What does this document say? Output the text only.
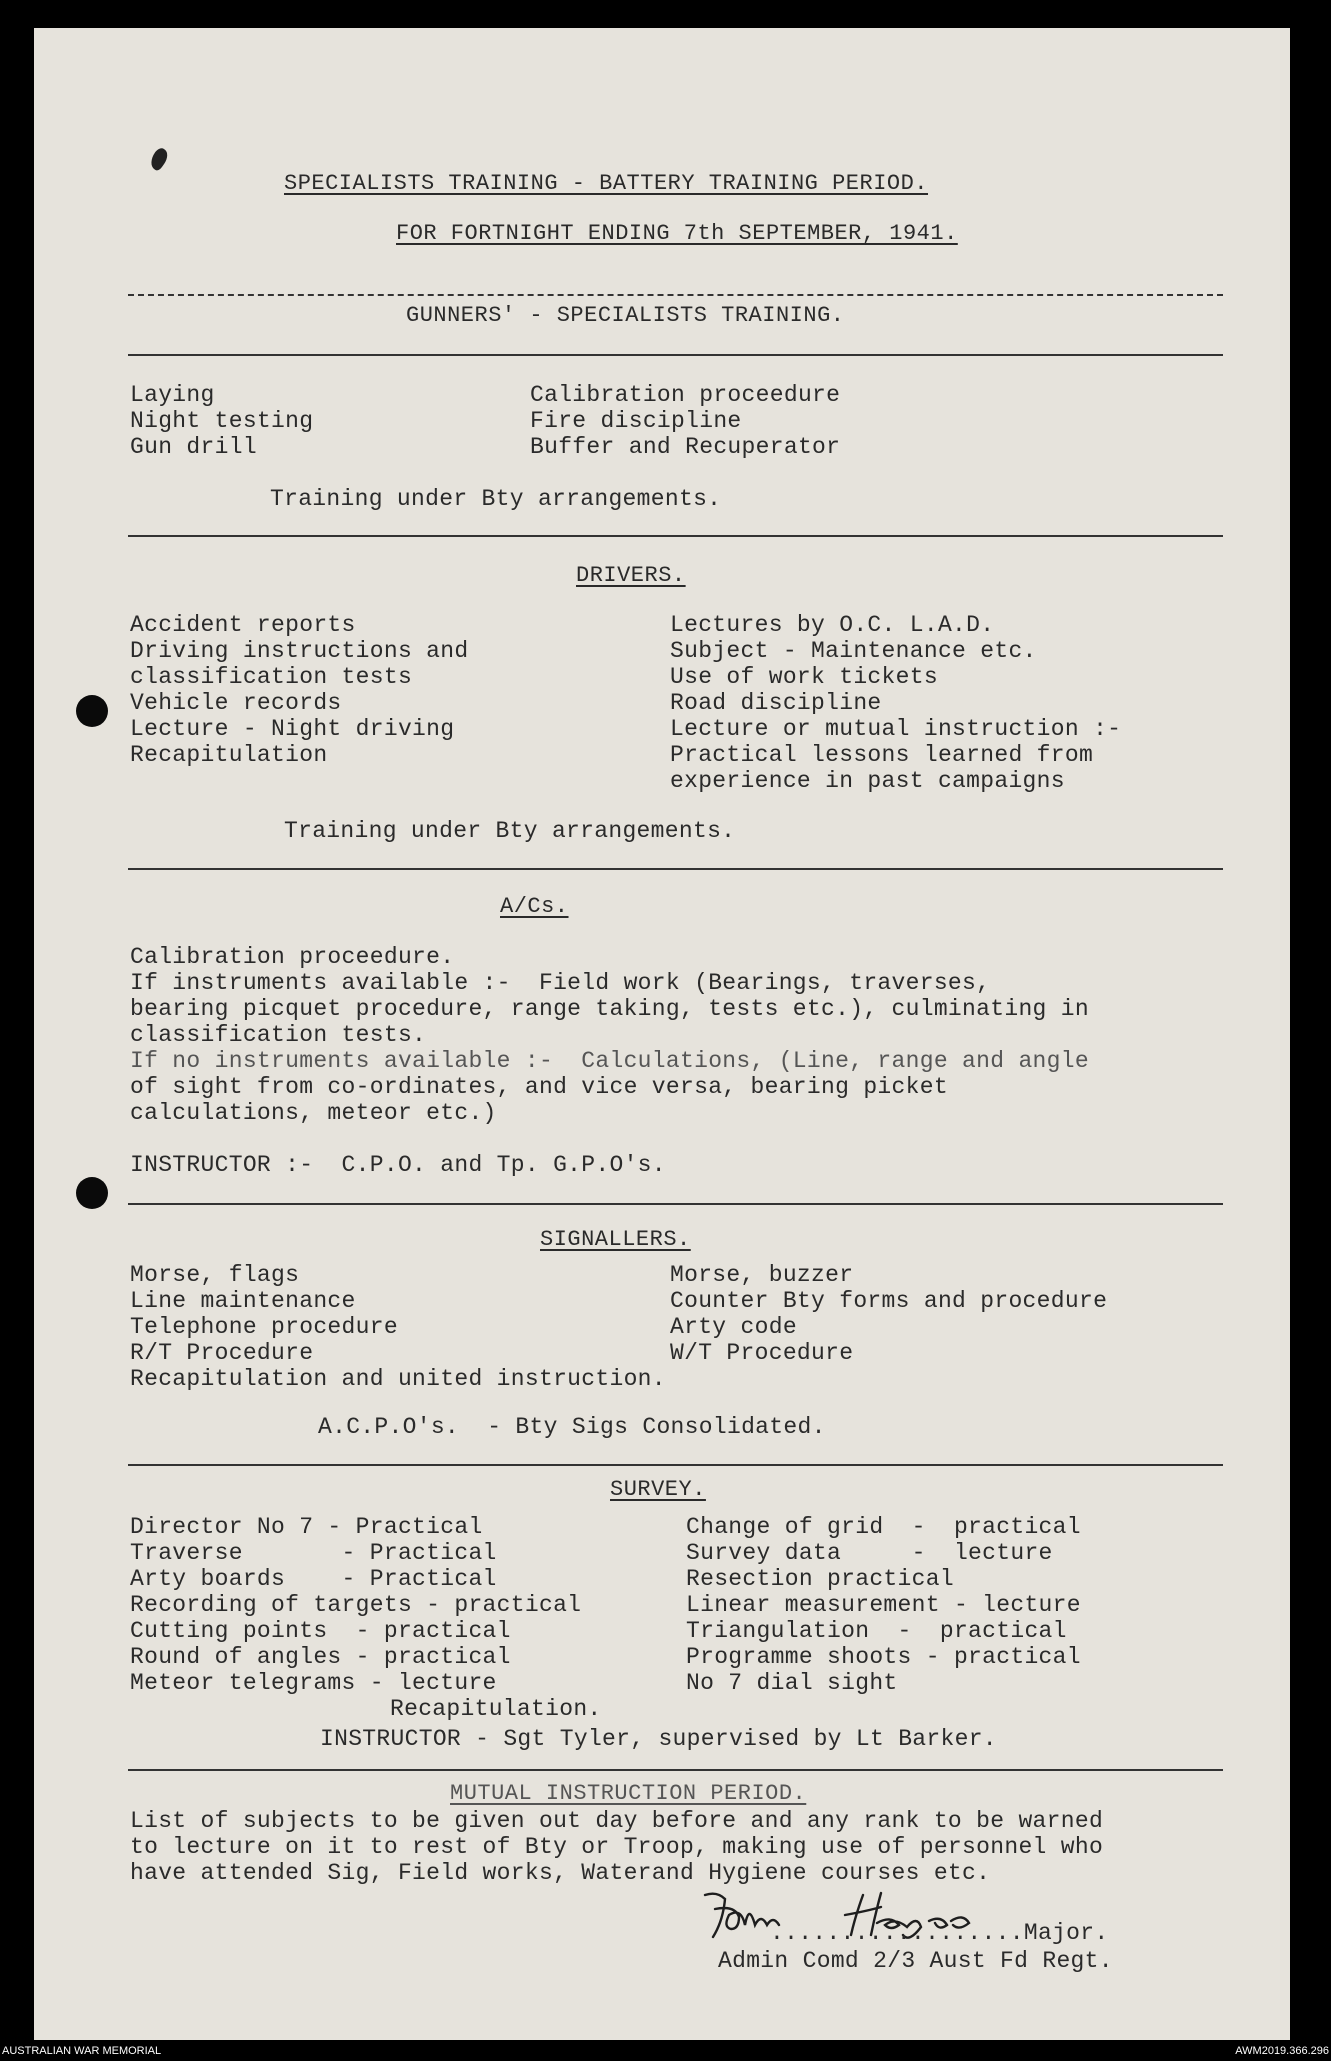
SPECIALISTS TRAINING - BATTERY TRAINING PERIOD.
FOR FORTNIGHT ENDING 7th SEPTEMBER, 1941.
GUNNERS' - SPECIALISTS TRAINING.
Laying
Night testing
Gun drill
Calibration proceedure
Fire discipline
Buffer and Recuperator
Training under Bty arrangements.
DRIVERS.
Accident reports
Driving instructions and
classification tests
Vehicle records
Lecture - Night driving
Recapitulation
Lectures by O.C. L.A.D.
Subject - Maintenance etc.
Use of work tickets
Road discipline
Lecture or mutual instruction :-
Practical lessons learned from
experience in past campaigns
Training under Bty arrangements.
A/Cs.
Calibration proceedure.
If instruments available :-  Field work (Bearings, traverses,
bearing picquet procedure, range taking, tests etc.), culminating in
classification tests.
If no instruments available :-  Calculations, (Line, range and angle
of sight from co-ordinates, and vice versa, bearing picket
calculations, meteor etc.)
INSTRUCTOR :-  C.P.O. and Tp. G.P.O's.
SIGNALLERS.
Morse, flags
Line maintenance
Telephone procedure
R/T Procedure
Morse, buzzer
Counter Bty forms and procedure
Arty code
W/T Procedure
Recapitulation and united instruction.
A.C.P.O's.  - Bty Sigs Consolidated.
SURVEY.
Director No 7 - Practical
Traverse       - Practical
Arty boards    - Practical
Recording of targets - practical
Cutting points  - practical
Round of angles - practical
Meteor telegrams - lecture
Change of grid  -  practical
Survey data     -  lecture
Resection practical
Linear measurement - lecture
Triangulation  -  practical
Programme shoots - practical
No 7 dial sight
Recapitulation.
INSTRUCTOR - Sgt Tyler, supervised by Lt Barker.
MUTUAL INSTRUCTION PERIOD.
List of subjects to be given out day before and any rank to be warned
to lecture on it to rest of Bty or Troop, making use of personnel who
have attended Sig, Field works, Waterand Hygiene courses etc.
..................Major.
Admin Comd 2/3 Aust Fd Regt.
AUSTRALIAN WAR MEMORIAL	AWM2019.366.296
